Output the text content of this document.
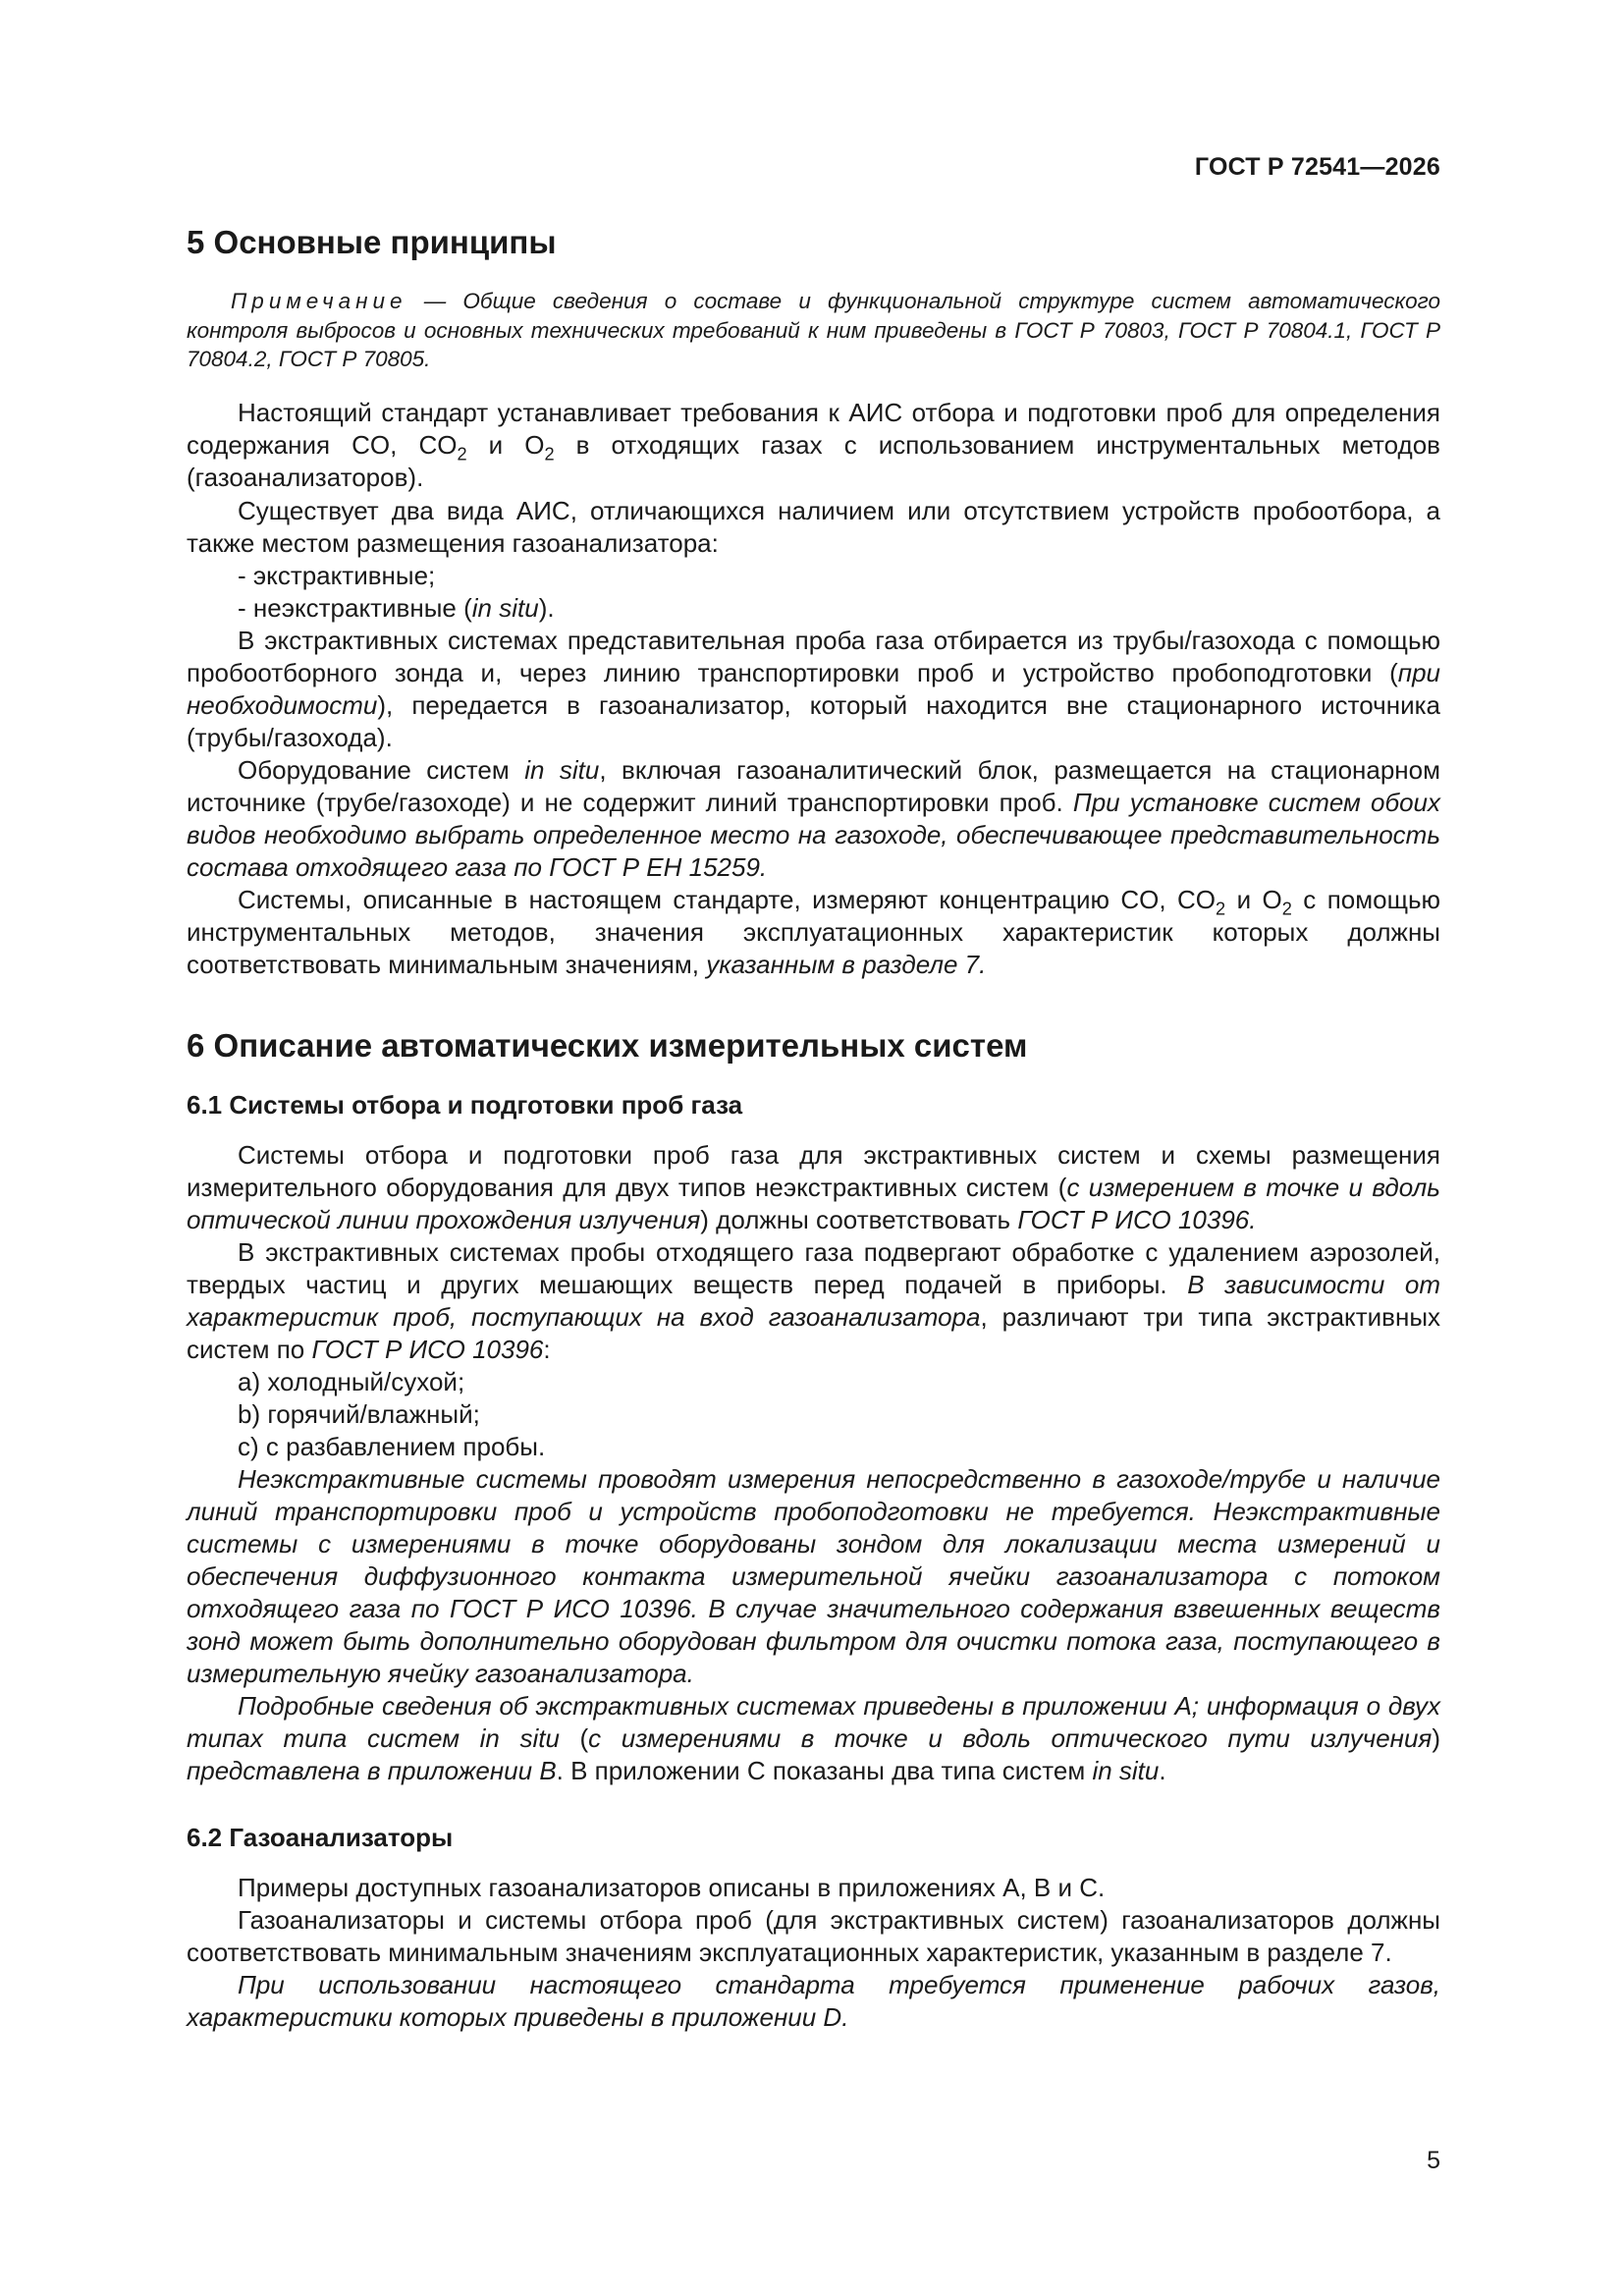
ГОСТ Р 72541—2026
5 Основные принципы
Примечание — Общие сведения о составе и функциональной структуре систем автоматического контроля выбросов и основных технических требований к ним приведены в ГОСТ Р 70803, ГОСТ Р 70804.1, ГОСТ Р 70804.2, ГОСТ Р 70805.
Настоящий стандарт устанавливает требования к АИС отбора и подготовки проб для определения содержания CO, $CO_2$ и $O_2$ в отходящих газах с использованием инструментальных методов (газоанализаторов).
Существует два вида АИС, отличающихся наличием или отсутствием устройств пробоотбора, а также местом размещения газоанализатора:
- экстрактивные;
- неэкстрактивные (in situ).
В экстрактивных системах представительная проба газа отбирается из трубы/газохода с помощью пробоотборного зонда и, через линию транспортировки проб и устройство пробоподготовки (при необходимости), передается в газоанализатор, который находится вне стационарного источника (трубы/газохода).
Оборудование систем in situ, включая газоаналитический блок, размещается на стационарном источнике (трубе/газоходе) и не содержит линий транспортировки проб. При установке систем обоих видов необходимо выбрать определенное место на газоходе, обеспечивающее представительность состава отходящего газа по ГОСТ Р ЕН 15259.
Системы, описанные в настоящем стандарте, измеряют концентрацию CO, $CO_2$ и $O_2$ с помощью инструментальных методов, значения эксплуатационных характеристик которых должны соответствовать минимальным значениям, указанным в разделе 7.
6 Описание автоматических измерительных систем
6.1 Системы отбора и подготовки проб газа
Системы отбора и подготовки проб газа для экстрактивных систем и схемы размещения измерительного оборудования для двух типов неэкстрактивных систем (с измерением в точке и вдоль оптической линии прохождения излучения) должны соответствовать ГОСТ Р ИСО 10396.
В экстрактивных системах пробы отходящего газа подвергают обработке с удалением аэрозолей, твердых частиц и других мешающих веществ перед подачей в приборы. В зависимости от характеристик проб, поступающих на вход газоанализатора, различают три типа экстрактивных систем по ГОСТ Р ИСО 10396:
а) холодный/сухой;
b) горячий/влажный;
с) с разбавлением пробы.
Неэкстрактивные системы проводят измерения непосредственно в газоходе/трубе и наличие линий транспортировки проб и устройств пробоподготовки не требуется. Неэкстрактивные системы с измерениями в точке оборудованы зондом для локализации места измерений и обеспечения диффузионного контакта измерительной ячейки газоанализатора с потоком отходящего газа по ГОСТ Р ИСО 10396. В случае значительного содержания взвешенных веществ зонд может быть дополнительно оборудован фильтром для очистки потока газа, поступающего в измерительную ячейку газоанализатора.
Подробные сведения об экстрактивных системах приведены в приложении А; информация о двух типах типа систем in situ (с измерениями в точке и вдоль оптического пути излучения) представлена в приложении В. В приложении С показаны два типа систем in situ.
6.2 Газоанализаторы
Примеры доступных газоанализаторов описаны в приложениях А, В и С.
Газоанализаторы и системы отбора проб (для экстрактивных систем) газоанализаторов должны соответствовать минимальным значениям эксплуатационных характеристик, указанным в разделе 7.
При использовании настоящего стандарта требуется применение рабочих газов, характеристики которых приведены в приложении D.
5
